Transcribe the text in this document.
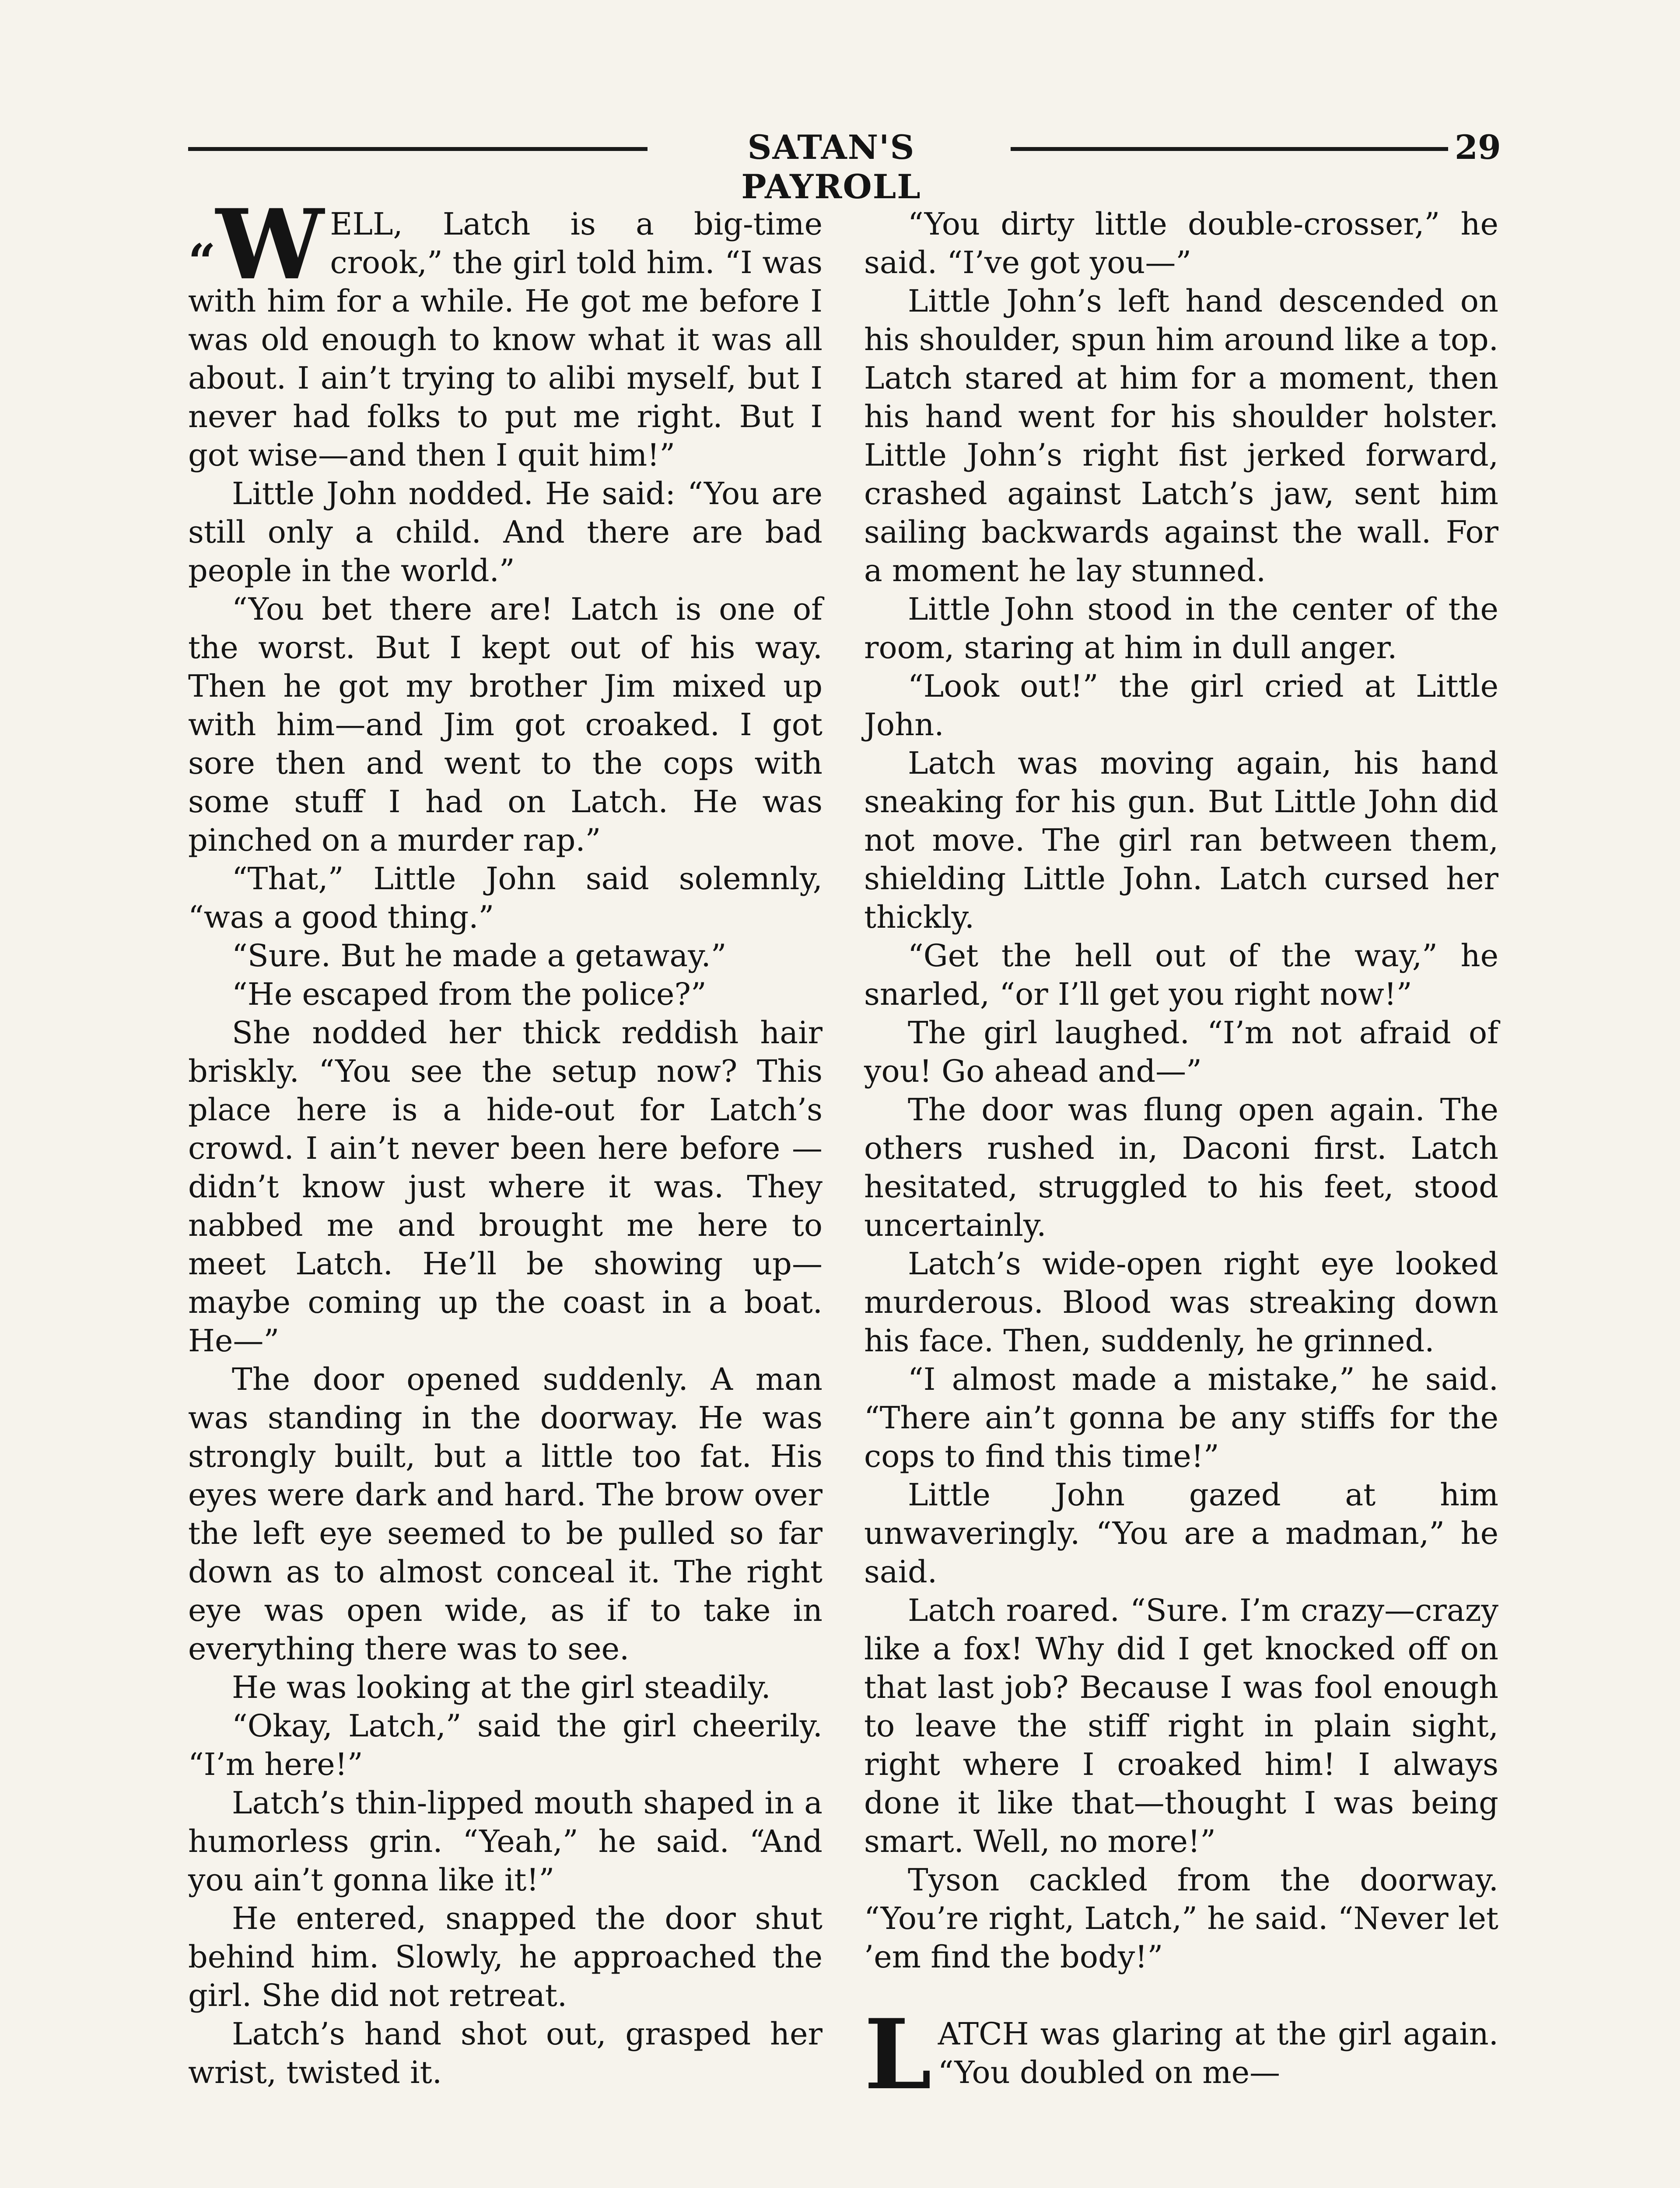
SATAN'S PAYROLL
29

“W ELL, Latch is a big-time crook,” the girl told him. “I was with him for a while. He got me before I was old enough to know what it was all about. I ain’t trying to alibi myself, but I never had folks to put me right. But I got wise—and then I quit him!”

Little John nodded. He said: “You are still only a child. And there are bad people in the world.”

“You bet there are! Latch is one of the worst. But I kept out of his way. Then he got my brother Jim mixed up with him—and Jim got croaked. I got sore then and went to the cops with some stuff I had on Latch. He was pinched on a murder rap.”

“That,” Little John said solemnly, “was a good thing.”

“Sure. But he made a getaway.”

“He escaped from the police?”

She nodded her thick reddish hair briskly. “You see the setup now? This place here is a hide-out for Latch’s crowd. I ain’t never been here before — didn’t know just where it was. They nabbed me and brought me here to meet Latch. He’ll be showing up—maybe coming up the coast in a boat. He—”

The door opened suddenly. A man was standing in the doorway. He was strongly built, but a little too fat. His eyes were dark and hard. The brow over the left eye seemed to be pulled so far down as to almost conceal it. The right eye was open wide, as if to take in everything there was to see.

He was looking at the girl steadily.

“Okay, Latch,” said the girl cheerily. “I’m here!”

Latch’s thin-lipped mouth shaped in a humorless grin. “Yeah,” he said. “And you ain’t gonna like it!”

He entered, snapped the door shut behind him. Slowly, he approached the girl. She did not retreat.

Latch’s hand shot out, grasped her wrist, twisted it.

“You dirty little double-crosser,” he said. “I’ve got you—”

Little John’s left hand descended on his shoulder, spun him around like a top. Latch stared at him for a moment, then his hand went for his shoulder holster. Little John’s right fist jerked forward, crashed against Latch’s jaw, sent him sailing backwards against the wall. For a moment he lay stunned.

Little John stood in the center of the room, staring at him in dull anger.

“Look out!” the girl cried at Little John.

Latch was moving again, his hand sneaking for his gun. But Little John did not move. The girl ran between them, shielding Little John. Latch cursed her thickly.

“Get the hell out of the way,” he snarled, “or I’ll get you right now!”

The girl laughed. “I’m not afraid of you! Go ahead and—”

The door was flung open again. The others rushed in, Daconi first. Latch hesitated, struggled to his feet, stood uncertainly.

Latch’s wide-open right eye looked murderous. Blood was streaking down his face. Then, suddenly, he grinned.

“I almost made a mistake,” he said. “There ain’t gonna be any stiffs for the cops to find this time!”

Little John gazed at him unwaveringly. “You are a madman,” he said.

Latch roared. “Sure. I’m crazy—crazy like a fox! Why did I get knocked off on that last job? Because I was fool enough to leave the stiff right in plain sight, right where I croaked him! I always done it like that—thought I was being smart. Well, no more!”

Tyson cackled from the doorway. “You’re right, Latch,” he said. “Never let ’em find the body!”

LATCH was glaring at the girl again. “You doubled on me—
